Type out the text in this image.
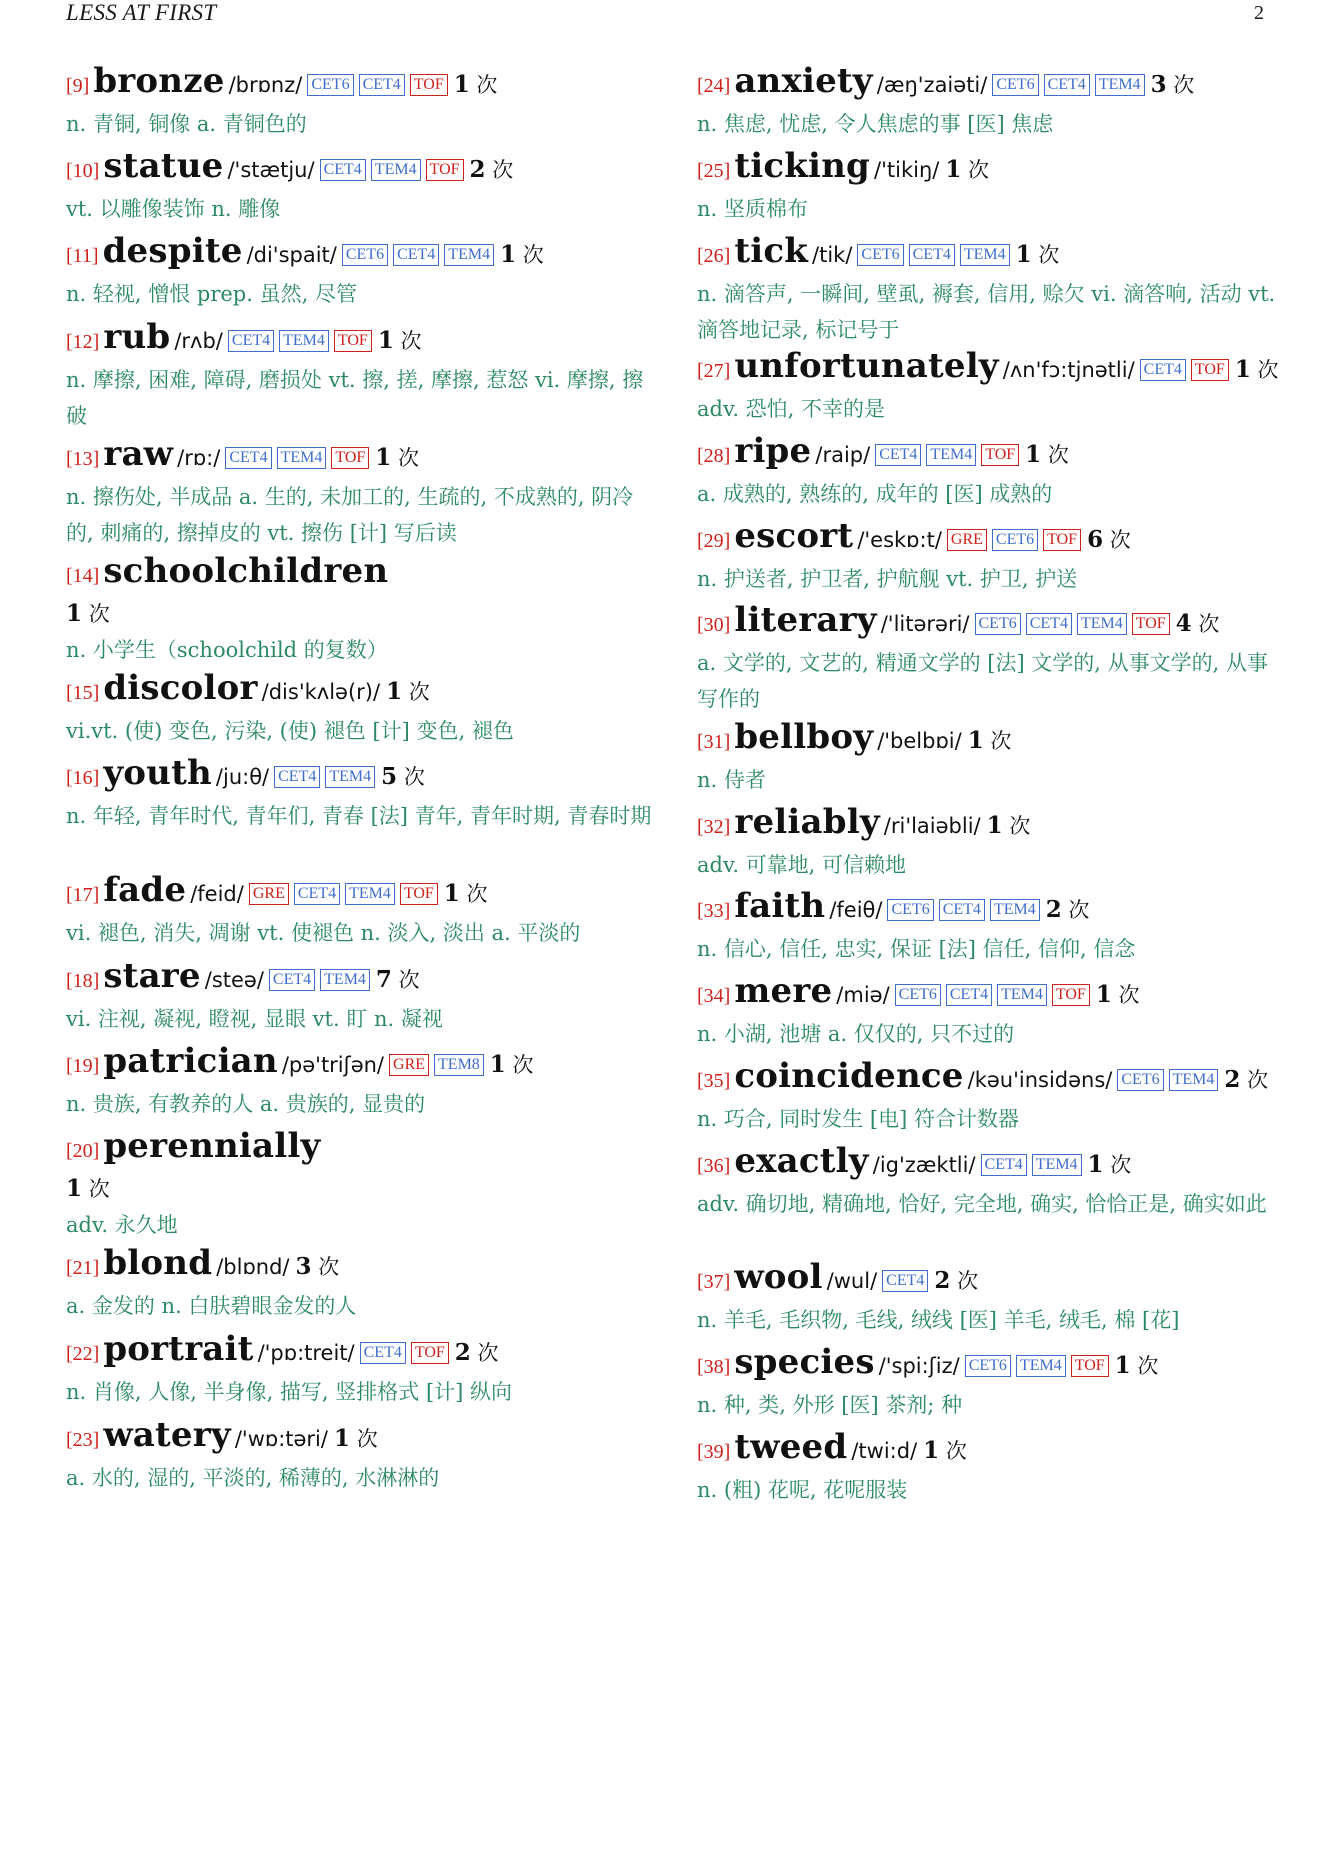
LESS AT FIRST	2
[9] bronze /brɒnz/ CET6 CET4 TOF 1 次
n. 青铜, 铜像 a. 青铜色的
[10] statue /'stætju/ CET4 TEM4 TOF 2 次
vt. 以雕像装饰 n. 雕像
[11] despite /di'spait/ CET6 CET4 TEM4 1 次
n. 轻视, 憎恨 prep. 虽然, 尽管
[12] rub /rʌb/ CET4 TEM4 TOF 1 次
n. 摩擦, 困难, 障碍, 磨损处 vt. 擦, 搓, 摩擦, 惹怒 vi. 摩擦, 擦破
[13] raw /rɒ:/ CET4 TEM4 TOF 1 次
n. 擦伤处, 半成品 a. 生的, 未加工的, 生疏的, 不成熟的, 阴冷的, 刺痛的, 擦掉皮的 vt. 擦伤 [计] 写后读
[14] schoolchildren
1 次
n. 小学生（schoolchild 的复数）
[15] discolor /dis'kʌlə(r)/ 1 次
vi.vt. (使) 变色, 污染, (使) 褪色 [计] 变色, 褪色
[16] youth /ju:θ/ CET4 TEM4 5 次
n. 年轻, 青年时代, 青年们, 青春 [法] 青年, 青年时期, 青春时期
[17] fade /feid/ GRE CET4 TEM4 TOF 1 次
vi. 褪色, 消失, 凋谢 vt. 使褪色 n. 淡入, 淡出 a. 平淡的
[18] stare /steə/ CET4 TEM4 7 次
vi. 注视, 凝视, 瞪视, 显眼 vt. 盯 n. 凝视
[19] patrician /pə'triʃən/ GRE TEM8 1 次
n. 贵族, 有教养的人 a. 贵族的, 显贵的
[20] perennially
1 次
adv. 永久地
[21] blond /blɒnd/ 3 次
a. 金发的 n. 白肤碧眼金发的人
[22] portrait /'pɒ:treit/ CET4 TOF 2 次
n. 肖像, 人像, 半身像, 描写, 竖排格式 [计] 纵向
[23] watery /'wɒ:təri/ 1 次
a. 水的, 湿的, 平淡的, 稀薄的, 水淋淋的
[24] anxiety /æŋ'zaiəti/ CET6 CET4 TEM4 3 次
n. 焦虑, 忧虑, 令人焦虑的事 [医] 焦虑
[25] ticking /'tikiŋ/ 1 次
n. 坚质棉布
[26] tick /tik/ CET6 CET4 TEM4 1 次
n. 滴答声, 一瞬间, 壁虱, 褥套, 信用, 赊欠 vi. 滴答响, 活动 vt. 滴答地记录, 标记号于
[27] unfortunately /ʌn'fɔ:tjnətli/ CET4 TOF 1 次
adv. 恐怕, 不幸的是
[28] ripe /raip/ CET4 TEM4 TOF 1 次
a. 成熟的, 熟练的, 成年的 [医] 成熟的
[29] escort /'eskɒ:t/ GRE CET6 TOF 6 次
n. 护送者, 护卫者, 护航舰 vt. 护卫, 护送
[30] literary /'litərəri/ CET6 CET4 TEM4 TOF 4 次
a. 文学的, 文艺的, 精通文学的 [法] 文学的, 从事文学的, 从事写作的
[31] bellboy /'belbɒi/ 1 次
n. 侍者
[32] reliably /ri'laiəbli/ 1 次
adv. 可靠地, 可信赖地
[33] faith /feiθ/ CET6 CET4 TEM4 2 次
n. 信心, 信任, 忠实, 保证 [法] 信任, 信仰, 信念
[34] mere /miə/ CET6 CET4 TEM4 TOF 1 次
n. 小湖, 池塘 a. 仅仅的, 只不过的
[35] coincidence /kəu'insidəns/ CET6 TEM4 2 次
n. 巧合, 同时发生 [电] 符合计数器
[36] exactly /ig'zæktli/ CET4 TEM4 1 次
adv. 确切地, 精确地, 恰好, 完全地, 确实, 恰恰正是, 确实如此
[37] wool /wul/ CET4 2 次
n. 羊毛, 毛织物, 毛线, 绒线 [医] 羊毛, 绒毛, 棉 [花]
[38] species /'spi:ʃiz/ CET6 TEM4 TOF 1 次
n. 种, 类, 外形 [医] 茶剂; 种
[39] tweed /twi:d/ 1 次
n. (粗) 花呢, 花呢服装
